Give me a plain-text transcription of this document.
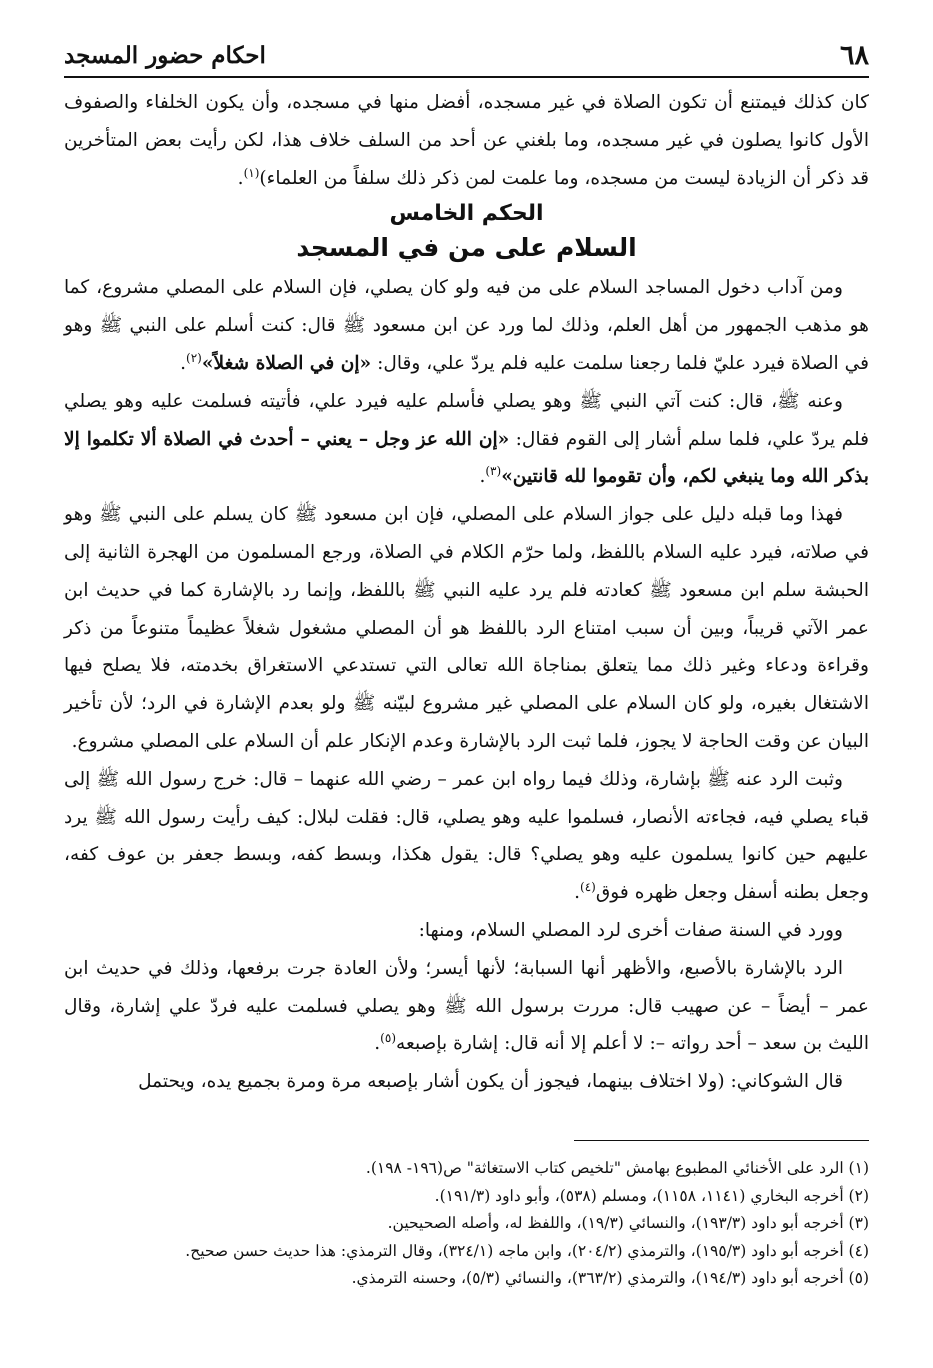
٦٨
احكام حضور المسجد

كان كذلك فيمتنع أن تكون الصلاة في غير مسجده، أفضل منها في مسجده، وأن يكون الخلفاء والصفوف الأول كانوا يصلون في غير مسجده، وما بلغني عن أحد من السلف خلاف هذا، لكن رأيت بعض المتأخرين قد ذكر أن الزيادة ليست من مسجده، وما علمت لمن ذكر ذلك سلفاً من العلماء)$^{(١)}$.

الحكم الخامس

السلام على من في المسجد

ومن آداب دخول المساجد السلام على من فيه ولو كان يصلي، فإن السلام على المصلي مشروع، كما هو مذهب الجمهور من أهل العلم، وذلك لما ورد عن ابن مسعود ﷺ قال: كنت أسلم على النبي ﷺ وهو في الصلاة فيرد عليّ فلما رجعنا سلمت عليه فلم يردّ علي، وقال: «إن في الصلاة شغلاً»$^{(٢)}$.

وعنه ﷺ، قال: كنت آتي النبي ﷺ وهو يصلي فأسلم عليه فيرد علي، فأتيته فسلمت عليه وهو يصلي فلم يردّ علي، فلما سلم أشار إلى القوم فقال: «إن الله عز وجل – يعني – أحدث في الصلاة ألا تكلموا إلا بذكر الله وما ينبغي لكم، وأن تقوموا لله قانتين»$^{(٣)}$.

فهذا وما قبله دليل على جواز السلام على المصلي، فإن ابن مسعود ﷺ كان يسلم على النبي ﷺ وهو في صلاته، فيرد عليه السلام باللفظ، ولما حرّم الكلام في الصلاة، ورجع المسلمون من الهجرة الثانية إلى الحبشة سلم ابن مسعود ﷺ كعادته فلم يرد عليه النبي ﷺ باللفظ، وإنما رد بالإشارة كما في حديث ابن عمر الآتي قريباً، وبين أن سبب امتناع الرد باللفظ هو أن المصلي مشغول شغلاً عظيماً متنوعاً من ذكر وقراءة ودعاء وغير ذلك مما يتعلق بمناجاة الله تعالى التي تستدعي الاستغراق بخدمته، فلا يصلح فيها الاشتغال بغيره، ولو كان السلام على المصلي غير مشروع لبيّنه ﷺ ولو بعدم الإشارة في الرد؛ لأن تأخير البيان عن وقت الحاجة لا يجوز، فلما ثبت الرد بالإشارة وعدم الإنكار علم أن السلام على المصلي مشروع.

وثبت الرد عنه ﷺ بإشارة، وذلك فيما رواه ابن عمر – رضي الله عنهما – قال: خرج رسول الله ﷺ إلى قباء يصلي فيه، فجاءته الأنصار، فسلموا عليه وهو يصلي، قال: فقلت لبلال: كيف رأيت رسول الله ﷺ يرد عليهم حين كانوا يسلمون عليه وهو يصلي؟ قال: يقول هكذا، وبسط كفه، وبسط جعفر بن عوف كفه، وجعل بطنه أسفل وجعل ظهره فوق$^{(٤)}$.

وورد في السنة صفات أخرى لرد المصلي السلام، ومنها:

الرد بالإشارة بالأصبع، والأظهر أنها السبابة؛ لأنها أيسر؛ ولأن العادة جرت برفعها، وذلك في حديث ابن عمر – أيضاً – عن صهيب قال: مررت برسول الله ﷺ وهو يصلي فسلمت عليه فردّ علي إشارة، وقال الليث بن سعد – أحد رواته –: لا أعلم إلا أنه قال: إشارة بإصبعه$^{(٥)}$.

قال الشوكاني: (ولا اختلاف بينهما، فيجوز أن يكون أشار بإصبعه مرة ومرة بجميع يده، ويحتمل

(١) الرد على الأخنائي المطبوع بهامش "تلخيص كتاب الاستغاثة" ص(١٩٦- ١٩٨).

(٢) أخرجه البخاري (١١٤١، ١١٥٨)، ومسلم (٥٣٨)، وأبو داود (١٩١/٣).

(٣) أخرجه أبو داود (١٩٣/٣)، والنسائي (١٩/٣)، واللفظ له، وأصله الصحيحين.

(٤) أخرجه أبو داود (١٩٥/٣)، والترمذي (٢٠٤/٢)، وابن ماجه (٣٢٤/١)، وقال الترمذي: هذا حديث حسن صحيح.

(٥) أخرجه أبو داود (١٩٤/٣)، والترمذي (٣٦٣/٢)، والنسائي (٥/٣)، وحسنه الترمذي.
